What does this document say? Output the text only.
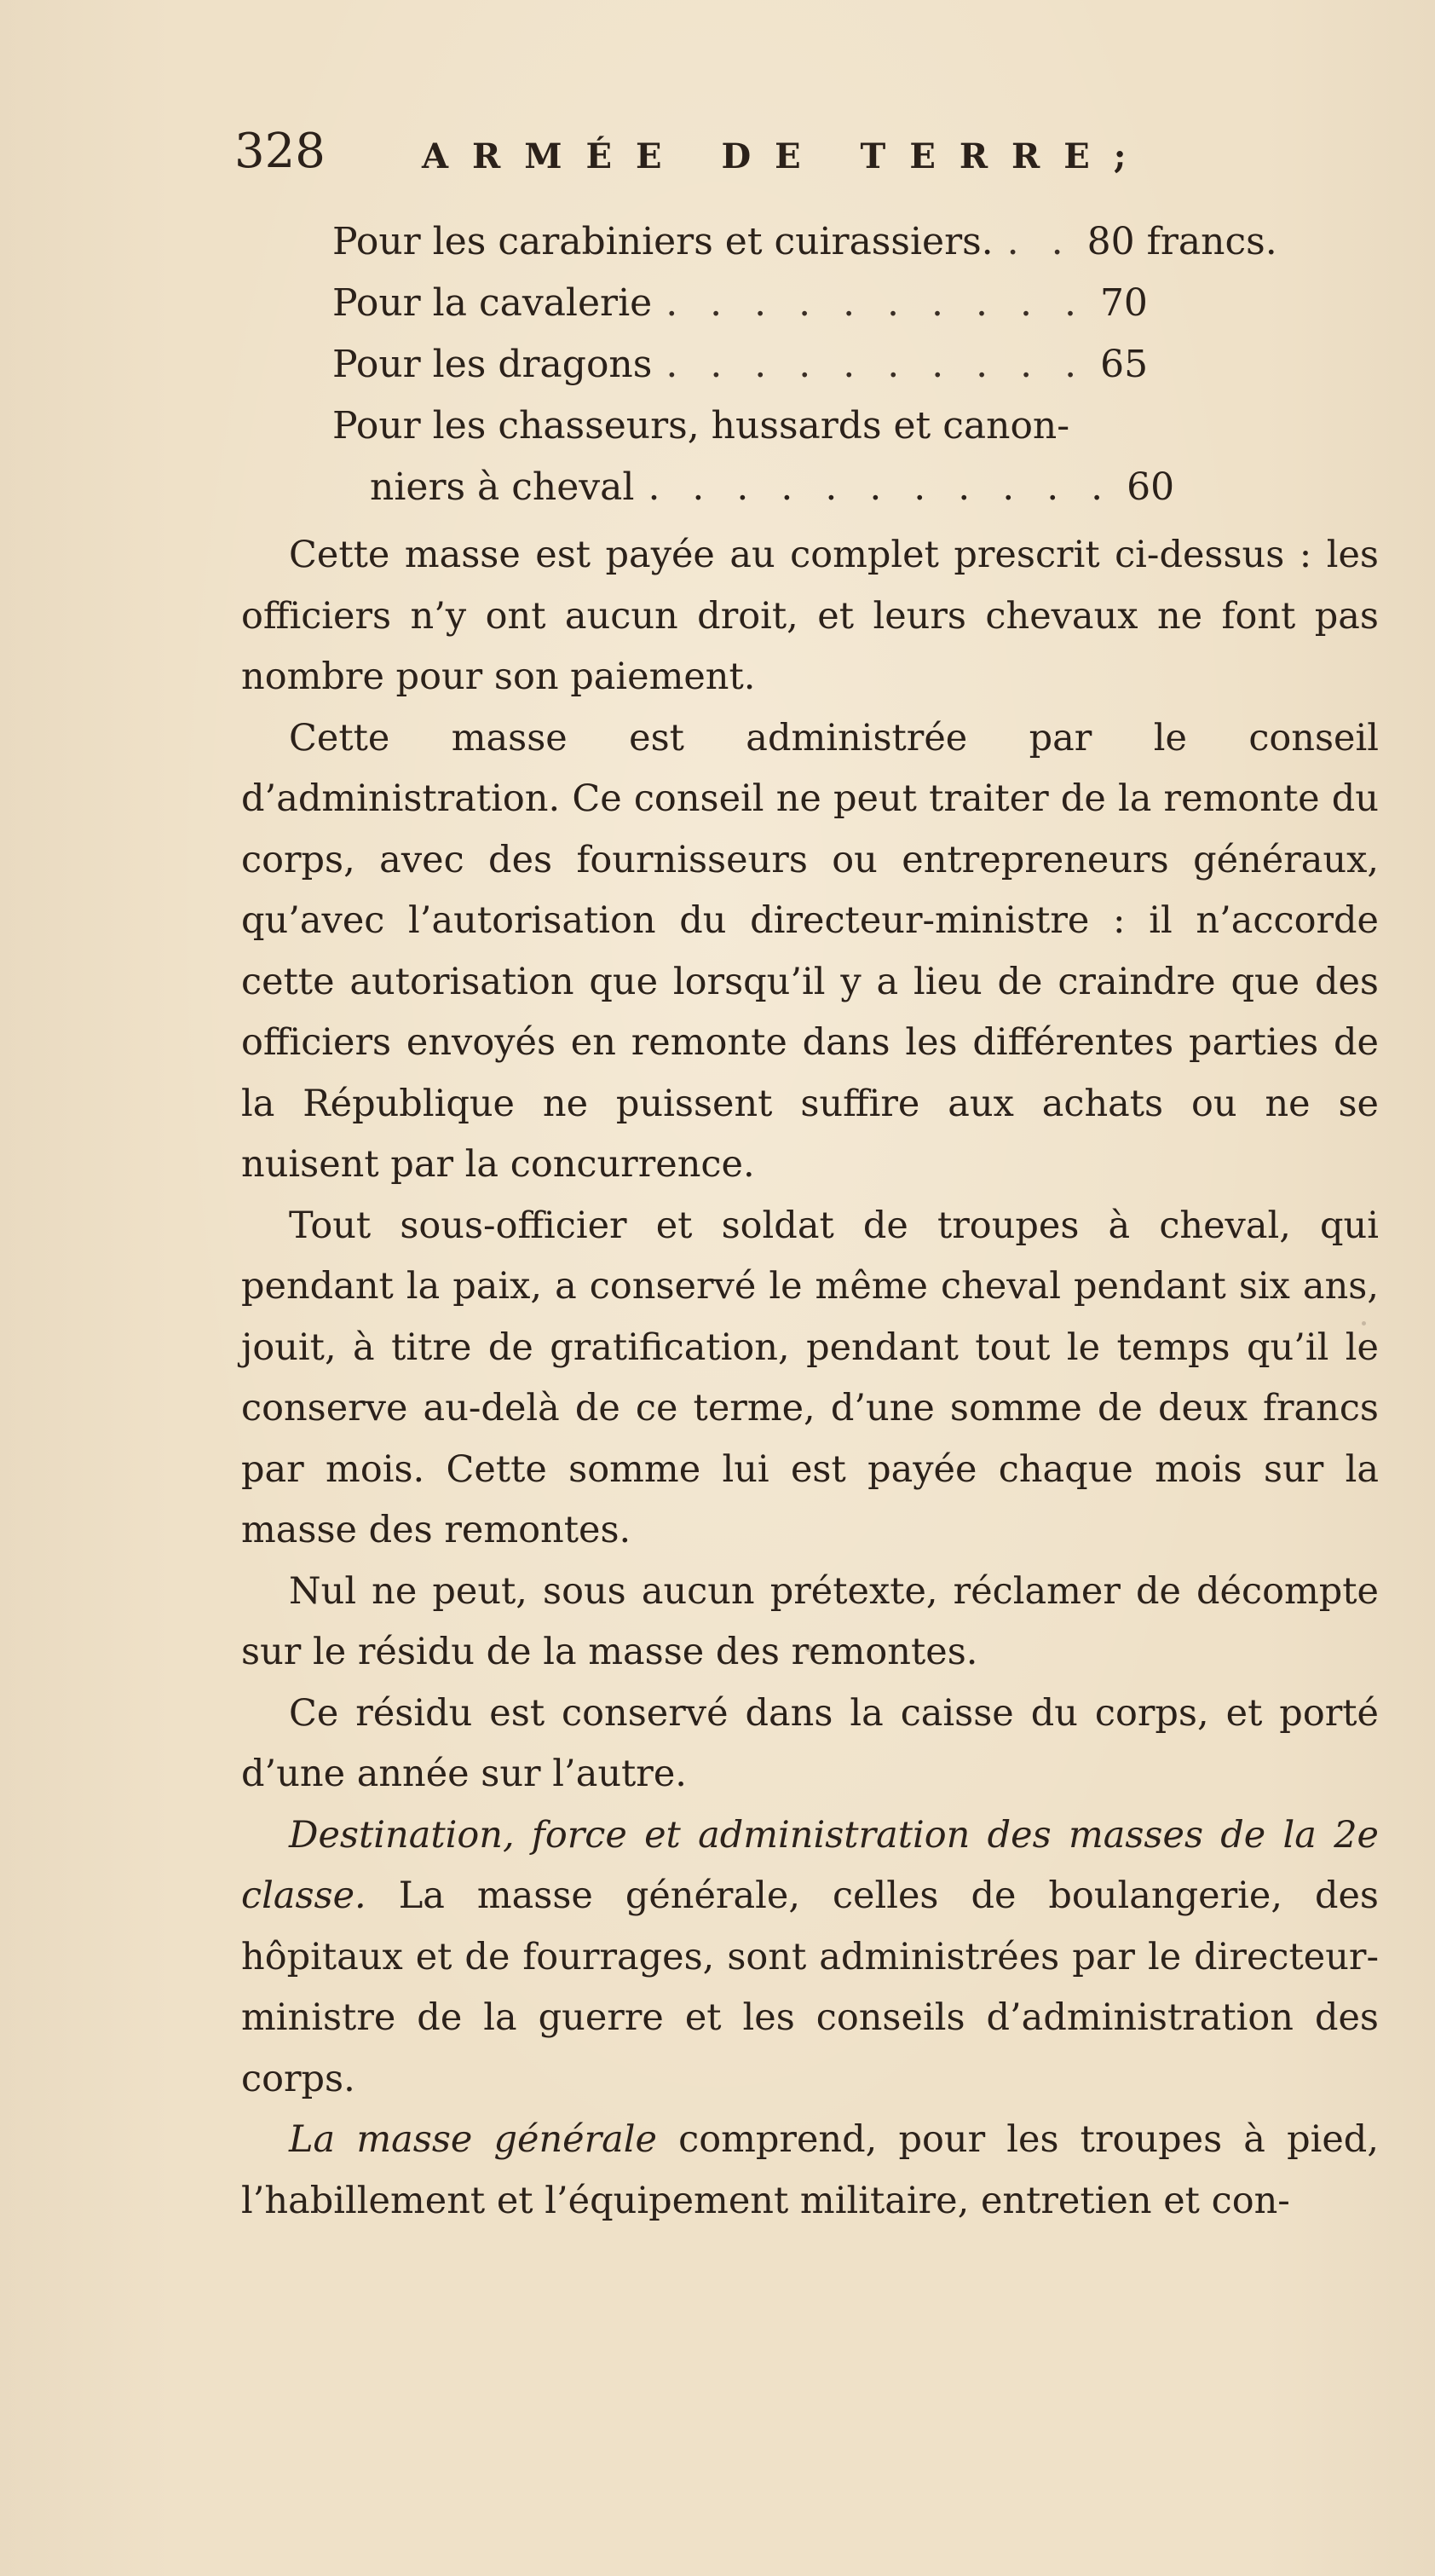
328	ARMÉE DE TERRE;
Pour les carabiniers et cuirassiers. . . 80 francs.
Pour la cavalerie . . . . . . . . . . 70
Pour les dragons . . . . . . . . . . 65
Pour les chasseurs, hussards et canon-
niers à cheval . . . . . . . . . . . 60

Cette masse est payée au complet prescrit ci-dessus : les officiers n’y ont aucun droit, et leurs chevaux ne font pas nombre pour son paiement.

Cette masse est administrée par le conseil d’administration. Ce conseil ne peut traiter de la remonte du corps, avec des fournisseurs ou entrepreneurs généraux, qu’avec l’autorisation du directeur-ministre : il n’accorde cette autorisation que lorsqu’il y a lieu de craindre que des officiers envoyés en remonte dans les différentes parties de la République ne puissent suffire aux achats ou ne se nuisent par la concurrence.

Tout sous-officier et soldat de troupes à cheval, qui pendant la paix, a conservé le même cheval pendant six ans, jouit, à titre de gratification, pendant tout le temps qu’il le conserve au-delà de ce terme, d’une somme de deux francs par mois. Cette somme lui est payée chaque mois sur la masse des remontes.

Nul ne peut, sous aucun prétexte, réclamer de décompte sur le résidu de la masse des remontes.

Ce résidu est conservé dans la caisse du corps, et porté d’une année sur l’autre.

Destination, force et administration des masses de la 2e classe. La masse générale, celles de boulangerie, des hôpitaux et de fourrages, sont administrées par le directeur-ministre de la guerre et les conseils d’administration des corps.

La masse générale comprend, pour les troupes à pied, l’habillement et l’équipement militaire, entretien et con-
